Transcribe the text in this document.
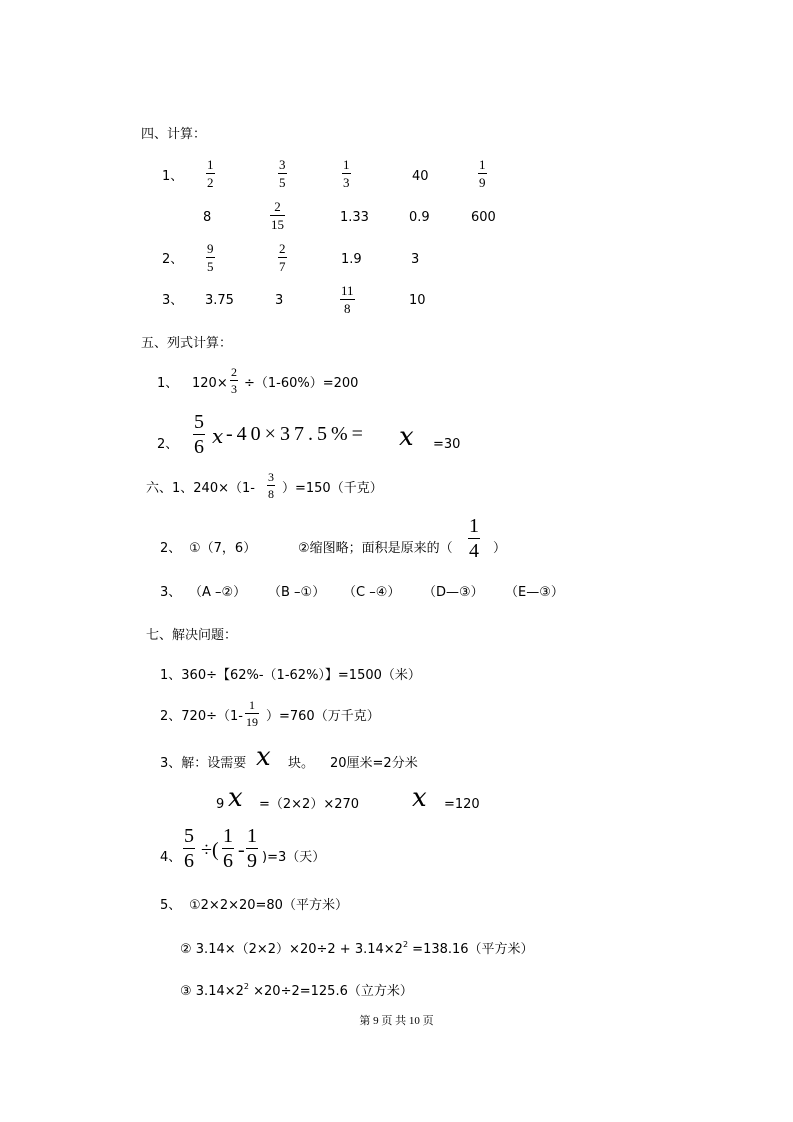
四、计算：
1、 $\frac{1}{2}$	$\frac{3}{5}$	$\frac{1}{3}$	40	$\frac{1}{9}$
8	$\frac{2}{15}$	1.33	0.9	600
2、 $\frac{9}{5}$	$\frac{2}{7}$	1.9	3
3、 3.75	3	$\frac{11}{8}$	10
五、列式计算：
1、 $120\times \frac{2}{3} \div(1-60\%)=200$
2、 $\frac{5}{6}$ x -40×37.5%= x =30
六、1、$240\times(1- \frac{3}{8} )=150$（千克）
2、 ①（7，6）	②缩图略；面积是原来的（ $\frac{1}{4}$ ）
3、 （A –②） （B –①） （C –④） （D—③） （E—③）
七、解决问题：
1、360÷【62%-（1-62%）】=1500（米）
2、$720\div(1- \frac{1}{19} )=760$（万千克）
3、解：设需要 x 块。 20厘米=2分米
9 x =（2×2）×270 x =120
4、 $\frac{5}{6}$ ÷( $\frac{1}{6} - \frac{1}{9} )=3$（天）
5、 ①2×2×20=80（平方米）
② $3.14\times(2\times 2)\times 20\div 2 + 3.14\times 2^2 =138.16$（平方米）
③ $3.14\times 2^2 \times 20\div 2=125.6$（立方米）
第 9 页 共 10 页
